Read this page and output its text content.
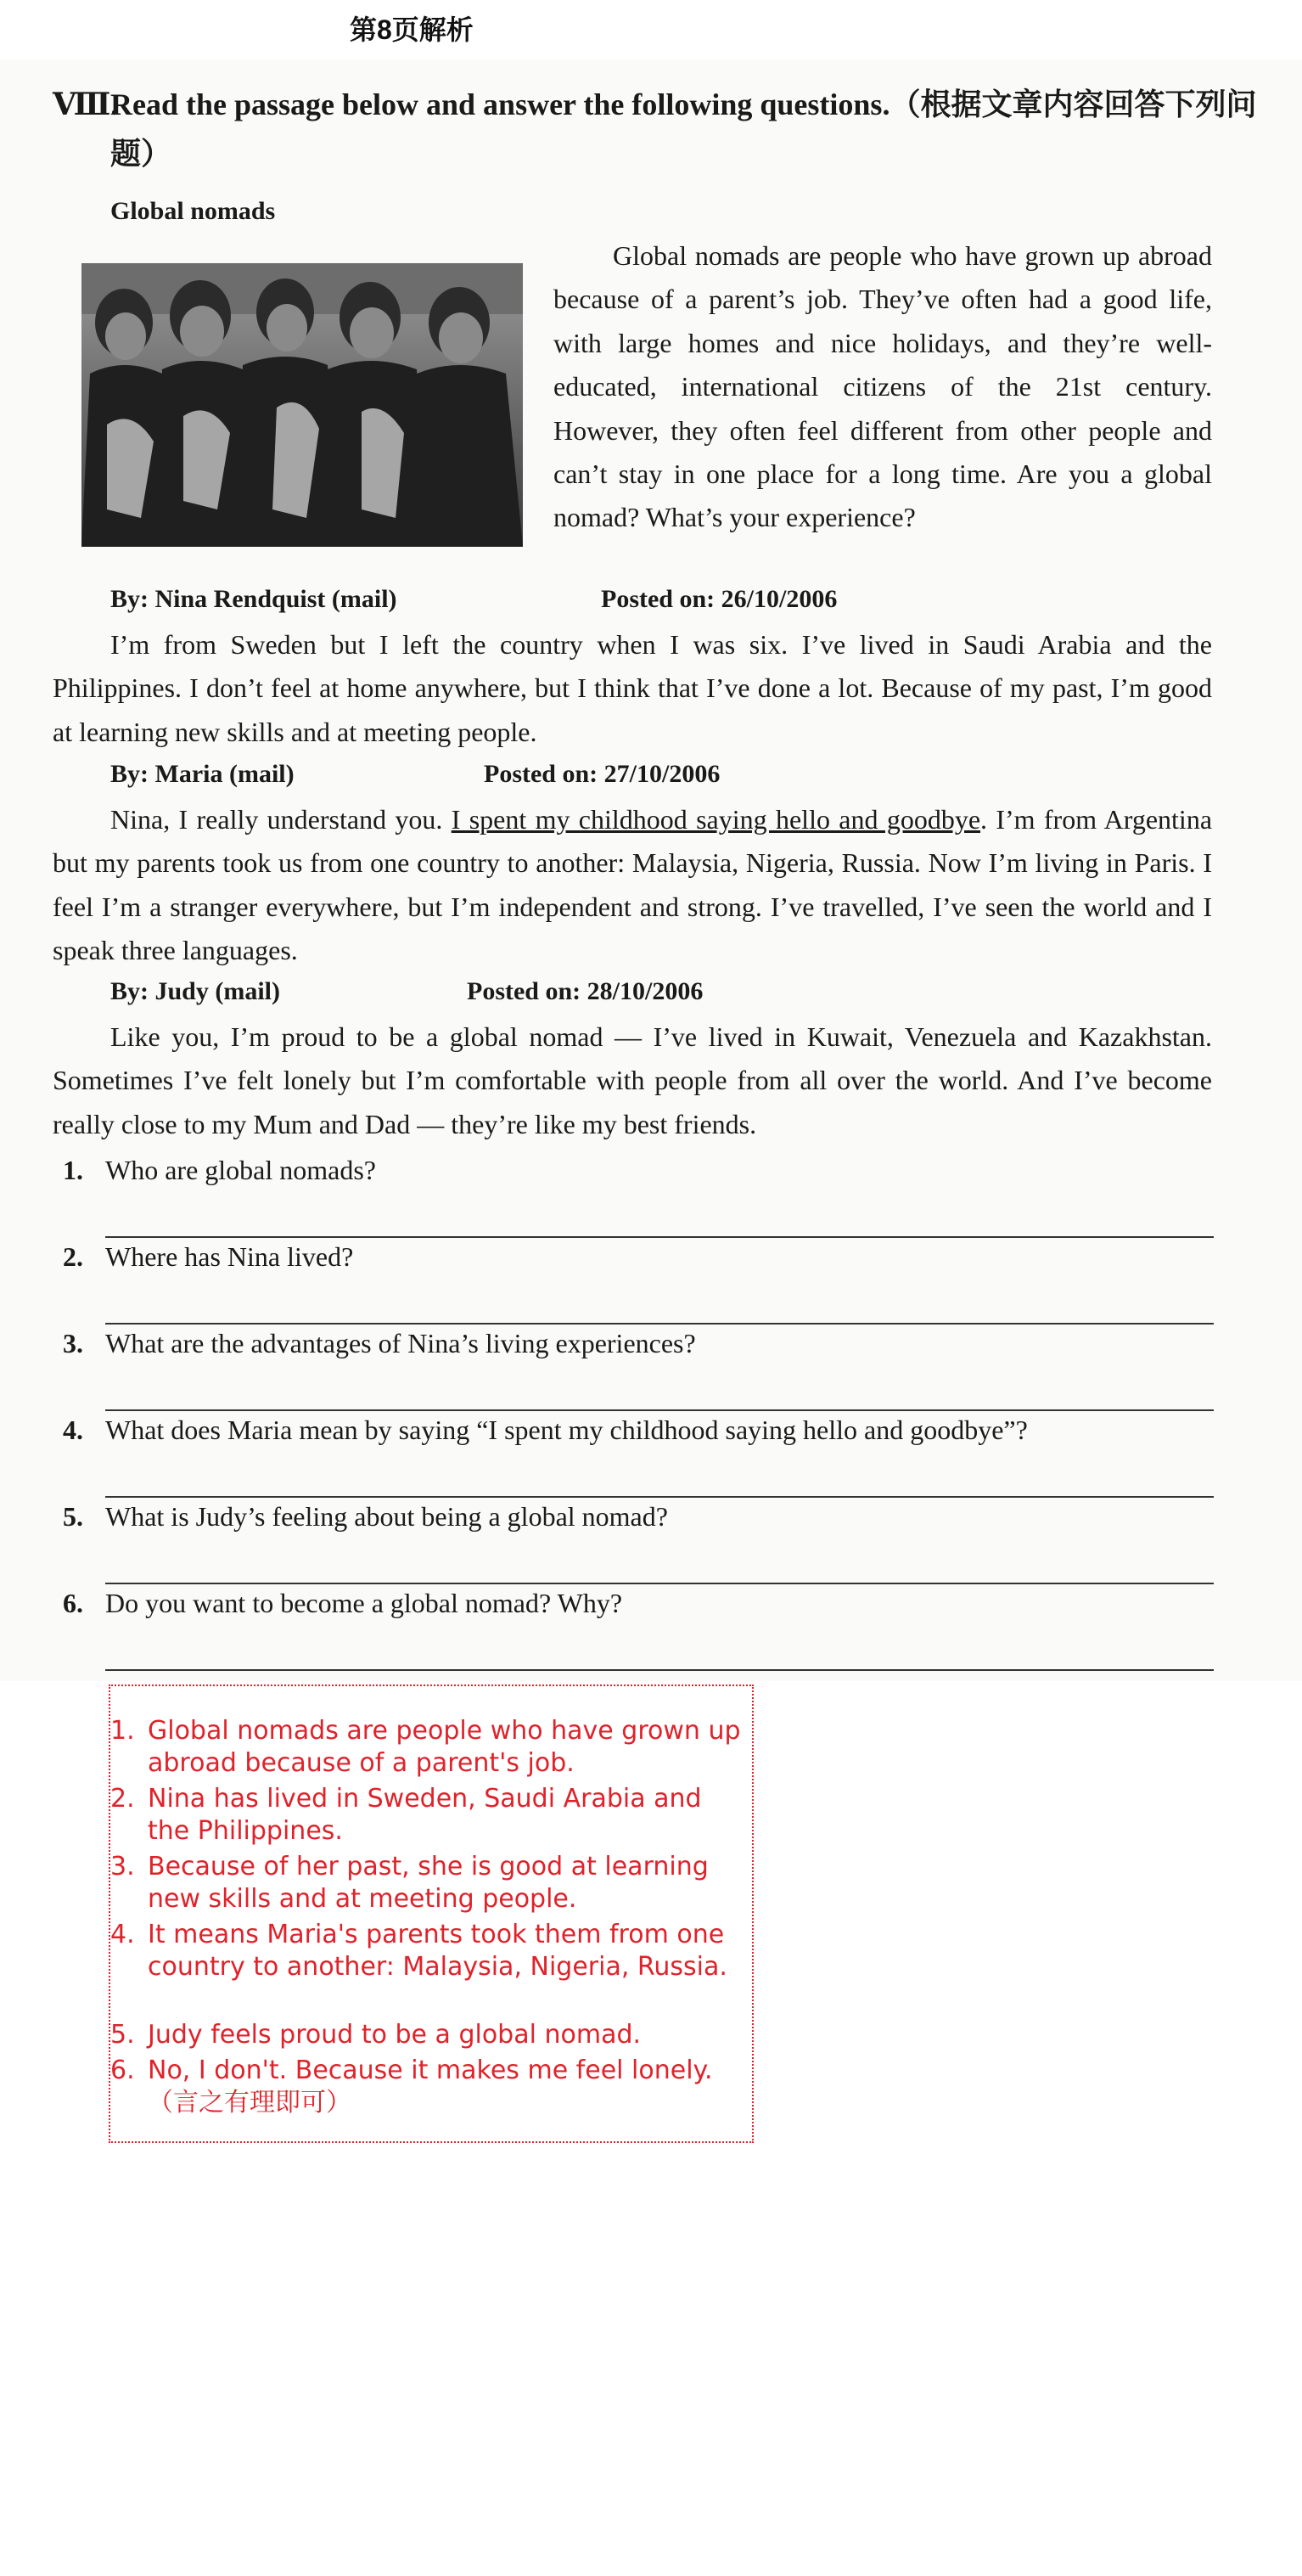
第8页解析
Ⅷ.
Read the passage below and answer the following questions.（根据文章内容回答下列问题）
Global nomads
Global nomads are people who have grown up abroad because of a parent’s job. They’ve often had a good life, with large homes and nice holidays, and they’re well-educated, international citizens of the 21st century. However, they often feel different from other people and can’t stay in one place for a long time. Are you a global nomad? What’s your experience?
By: Nina Rendquist (mail)	Posted on: 26/10/2006
I’m from Sweden but I left the country when I was six. I’ve lived in Saudi Arabia and the Philippines. I don’t feel at home anywhere, but I think that I’ve done a lot. Because of my past, I’m good at learning new skills and at meeting people.
By: Maria (mail)	Posted on: 27/10/2006
Nina, I really understand you. I spent my childhood saying hello and goodbye. I’m from Argentina but my parents took us from one country to another: Malaysia, Nigeria, Russia. Now I’m living in Paris. I feel I’m a stranger everywhere, but I’m independent and strong. I’ve travelled, I’ve seen the world and I speak three languages.
By: Judy (mail)	Posted on: 28/10/2006
Like you, I’m proud to be a global nomad — I’ve lived in Kuwait, Venezuela and Kazakhstan. Sometimes I’ve felt lonely but I’m comfortable with people from all over the world. And I’ve become really close to my Mum and Dad — they’re like my best friends.
1. Who are global nomads?
2. Where has Nina lived?
3. What are the advantages of Nina’s living experiences?
4. What does Maria mean by saying “I spent my childhood saying hello and goodbye”?
5. What is Judy’s feeling about being a global nomad?
6. Do you want to become a global nomad? Why?
1. Global nomads are people who have grown up abroad because of a parent's job.
2. Nina has lived in Sweden, Saudi Arabia and the Philippines.
3. Because of her past, she is good at learning new skills and at meeting people.
4. It means Maria's parents took them from one country to another: Malaysia, Nigeria, Russia.
5. Judy feels proud to be a global nomad.
6. No, I don't. Because it makes me feel lonely.（言之有理即可）
